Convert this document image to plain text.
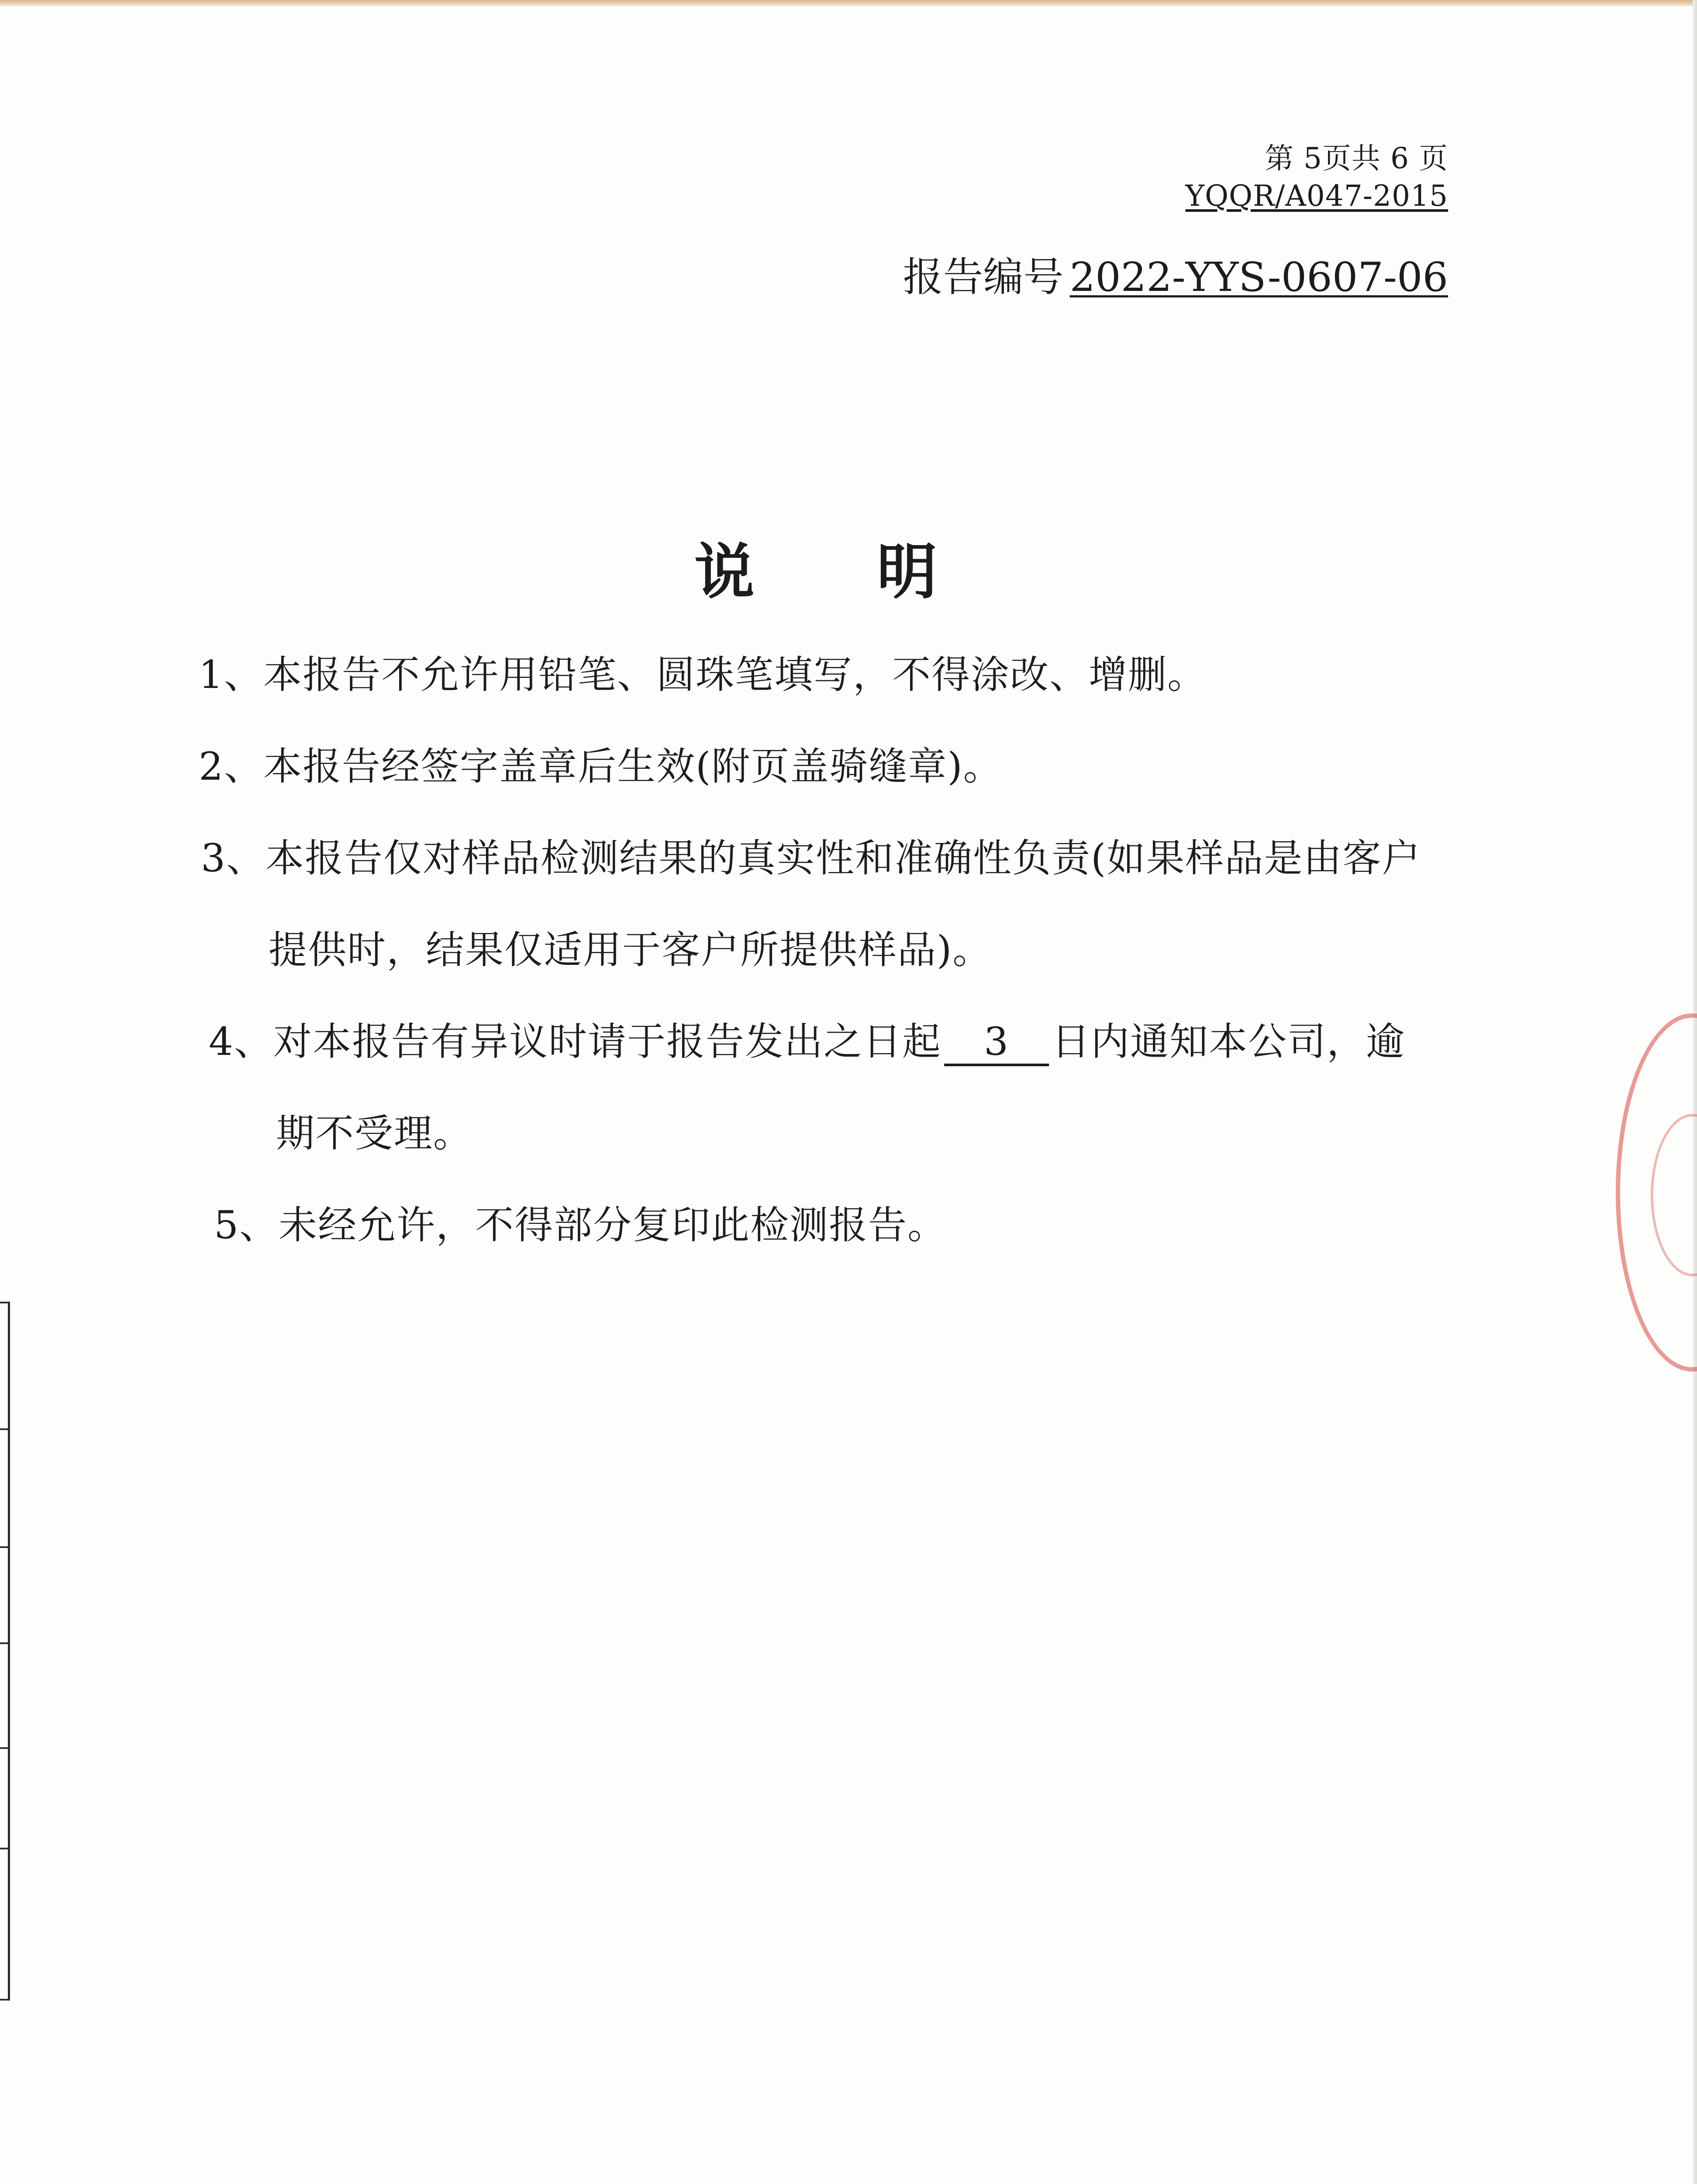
第 5页共 6 页
YQQR/A047-2015
报告编号 2022-YYS-0607-06
说明
1、本报告不允许用铅笔、圆珠笔填写，不得涂改、增删。
2、本报告经签字盖章后生效(附页盖骑缝章)。
3、本报告仅对样品检测结果的真实性和准确性负责(如果样品是由客户
提供时，结果仅适用于客户所提供样品)。
4、对本报告有异议时请于报告发出之日起 3 日内通知本公司，逾
期不受理。
5、未经允许，不得部分复印此检测报告。
